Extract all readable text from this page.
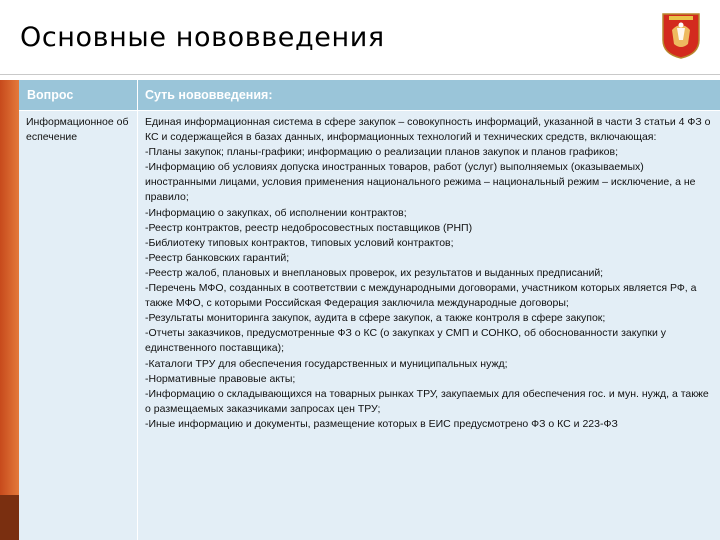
Основные нововведения
Вопрос	Суть нововведения:
Информационное обеспечение
Единая информационная система в сфере закупок – совокупность информаций, указанной в части 3 статьи 4 ФЗ о КС и содержащейся в базах данных, информационных технологий и технических средств, включающая:
-Планы закупок; планы-графики; информацию о реализации планов закупок и планов графиков;
-Информацию об условиях допуска иностранных товаров, работ (услуг) выполняемых (оказываемых) иностранными лицами, условия применения национального режима – национальный режим – исключение, а не правило;
-Информацию о закупках, об исполнении контрактов;
-Реестр контрактов, реестр недобросовестных поставщиков (РНП)
-Библиотеку типовых контрактов, типовых условий контрактов;
-Реестр банковских гарантий;
-Реестр жалоб, плановых и внеплановых проверок, их результатов и выданных предписаний;
-Перечень МФО, созданных в соответствии с международными договорами, участником которых является РФ, а также МФО, с которыми Российская Федерация заключила международные договоры;
-Результаты мониторинга закупок, аудита в сфере закупок, а также контроля в сфере закупок;
-Отчеты заказчиков, предусмотренные ФЗ о КС (о закупках у СМП и СОНКО, об обоснованности закупки у единственного поставщика);
-Каталоги ТРУ для обеспечения государственных и муниципальных нужд;
-Нормативные правовые акты;
-Информацию о складывающихся на товарных рынках ТРУ, закупаемых для обеспечения гос. и мун. нужд, а также о размещаемых заказчиками запросах цен ТРУ;
-Иные информацию и документы, размещение которых в ЕИС предусмотрено ФЗ о КС и 223-ФЗ
